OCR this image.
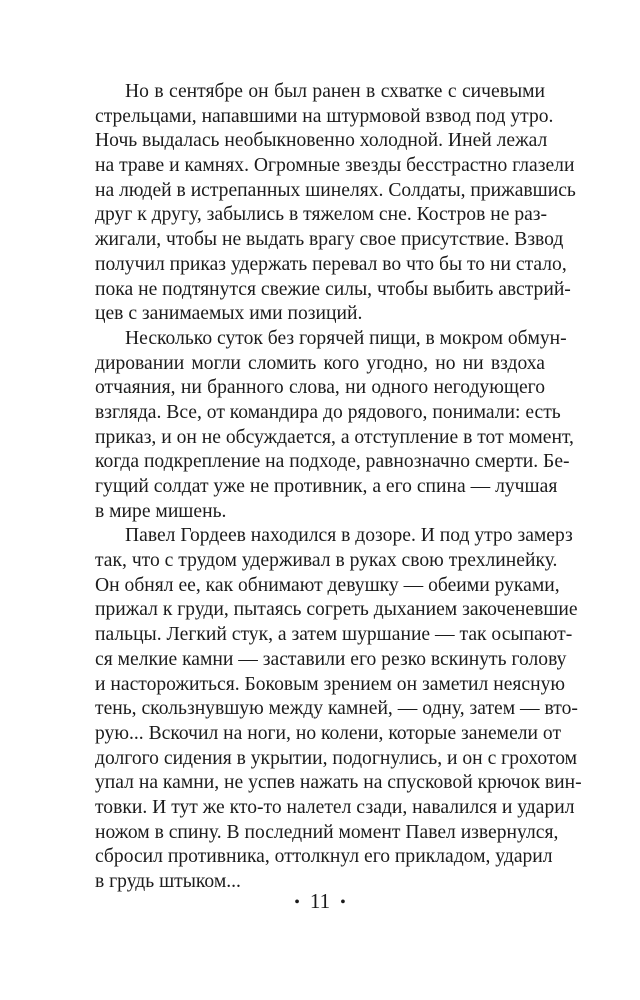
Но в сентябре он был ранен в схватке с сичевыми
стрельцами, напавшими на штурмовой взвод под утро.
Ночь выдалась необыкновенно холодной. Иней лежал
на траве и камнях. Огромные звезды бесстрастно глазели
на людей в истрепанных шинелях. Солдаты, прижавшись
друг к другу, забылись в тяжелом сне. Костров не раз-
жигали, чтобы не выдать врагу свое присутствие. Взвод
получил приказ удержать перевал во что бы то ни стало,
пока не подтянутся свежие силы, чтобы выбить австрий-
цев с занимаемых ими позиций.
Несколько суток без горячей пищи, в мокром обмун-
дировании могли сломить кого угодно, но ни вздоха
отчаяния, ни бранного слова, ни одного негодующего
взгляда. Все, от командира до рядового, понимали: есть
приказ, и он не обсуждается, а отступление в тот момент,
когда подкрепление на подходе, равнозначно смерти. Бе-
гущий солдат уже не противник, а его спина — лучшая
в мире мишень.
Павел Гордеев находился в дозоре. И под утро замерз
так, что с трудом удерживал в руках свою трехлинейку.
Он обнял ее, как обнимают девушку — обеими руками,
прижал к груди, пытаясь согреть дыханием закоченевшие
пальцы. Легкий стук, а затем шуршание — так осыпают-
ся мелкие камни — заставили его резко вскинуть голову
и насторожиться. Боковым зрением он заметил неясную
тень, скользнувшую между камней, — одну, затем — вто-
рую... Вскочил на ноги, но колени, которые занемели от
долгого сидения в укрытии, подогнулись, и он с грохотом
упал на камни, не успев нажать на спусковой крючок вин-
товки. И тут же кто-то налетел сзади, навалился и ударил
ножом в спину. В последний момент Павел извернулся,
сбросил противника, оттолкнул его прикладом, ударил
в грудь штыком...
• 11 •
